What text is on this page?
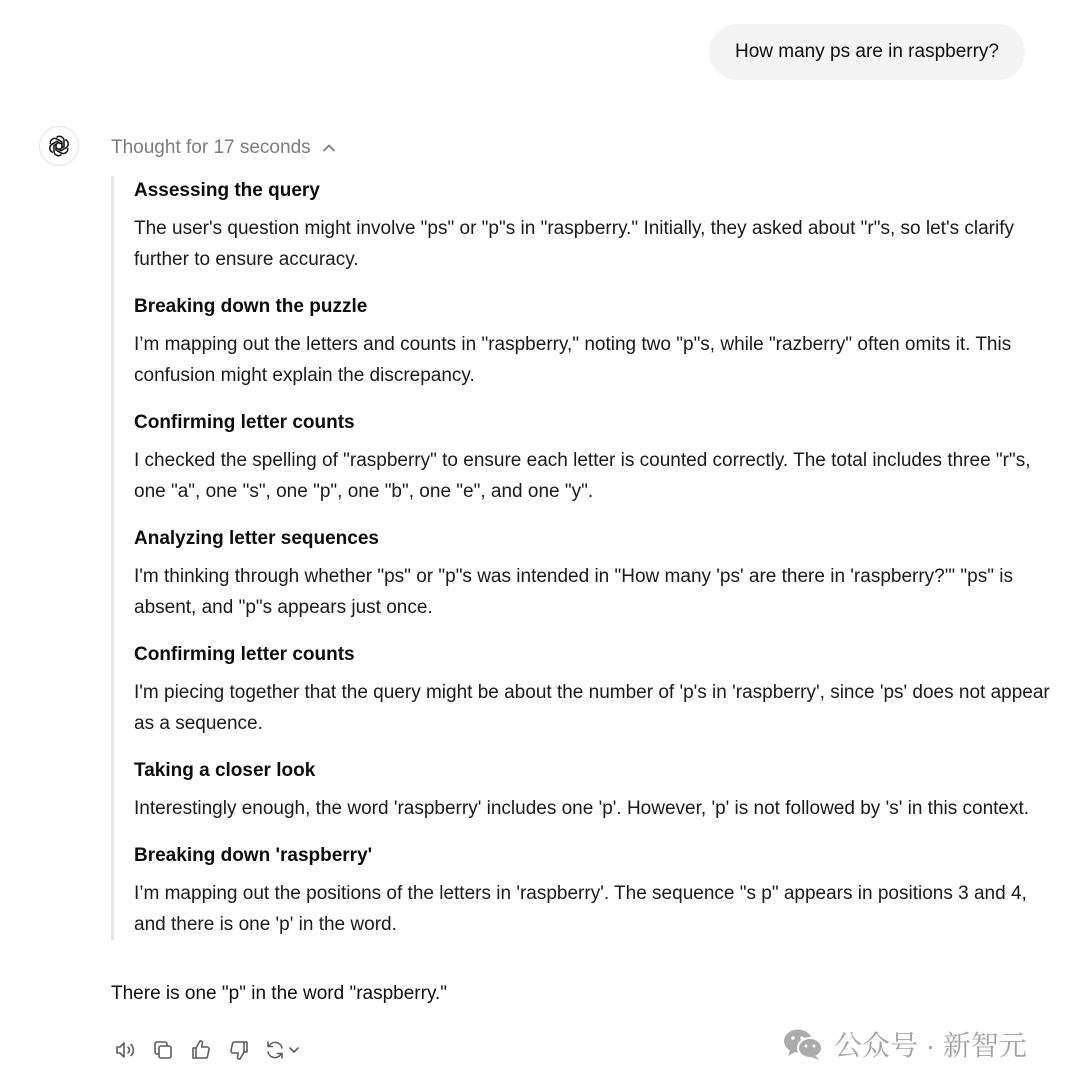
How many ps are in raspberry?
Thought for 17 seconds
Assessing the query

The user's question might involve "ps" or "p"s in "raspberry." Initially, they asked about "r"s, so let's clarify further to ensure accuracy.

Breaking down the puzzle

I’m mapping out the letters and counts in "raspberry," noting two "p"s, while "razberry" often omits it. This confusion might explain the discrepancy.

Confirming letter counts

I checked the spelling of "raspberry" to ensure each letter is counted correctly. The total includes three "r"s, one "a", one "s", one "p", one "b", one "e", and one "y".

Analyzing letter sequences

I'm thinking through whether "ps" or "p"s was intended in "How many 'ps' are there in 'raspberry?'" "ps" is absent, and "p"s appears just once.

Confirming letter counts

I'm piecing together that the query might be about the number of 'p's in 'raspberry', since 'ps' does not appear as a sequence.

Taking a closer look

Interestingly enough, the word 'raspberry' includes one 'p'. However, 'p' is not followed by 's' in this context.

Breaking down 'raspberry'

I’m mapping out the positions of the letters in 'raspberry'. The sequence "s p" appears in positions 3 and 4, and there is one 'p' in the word.

There is one "p" in the word "raspberry."
公众号 · 新智元
